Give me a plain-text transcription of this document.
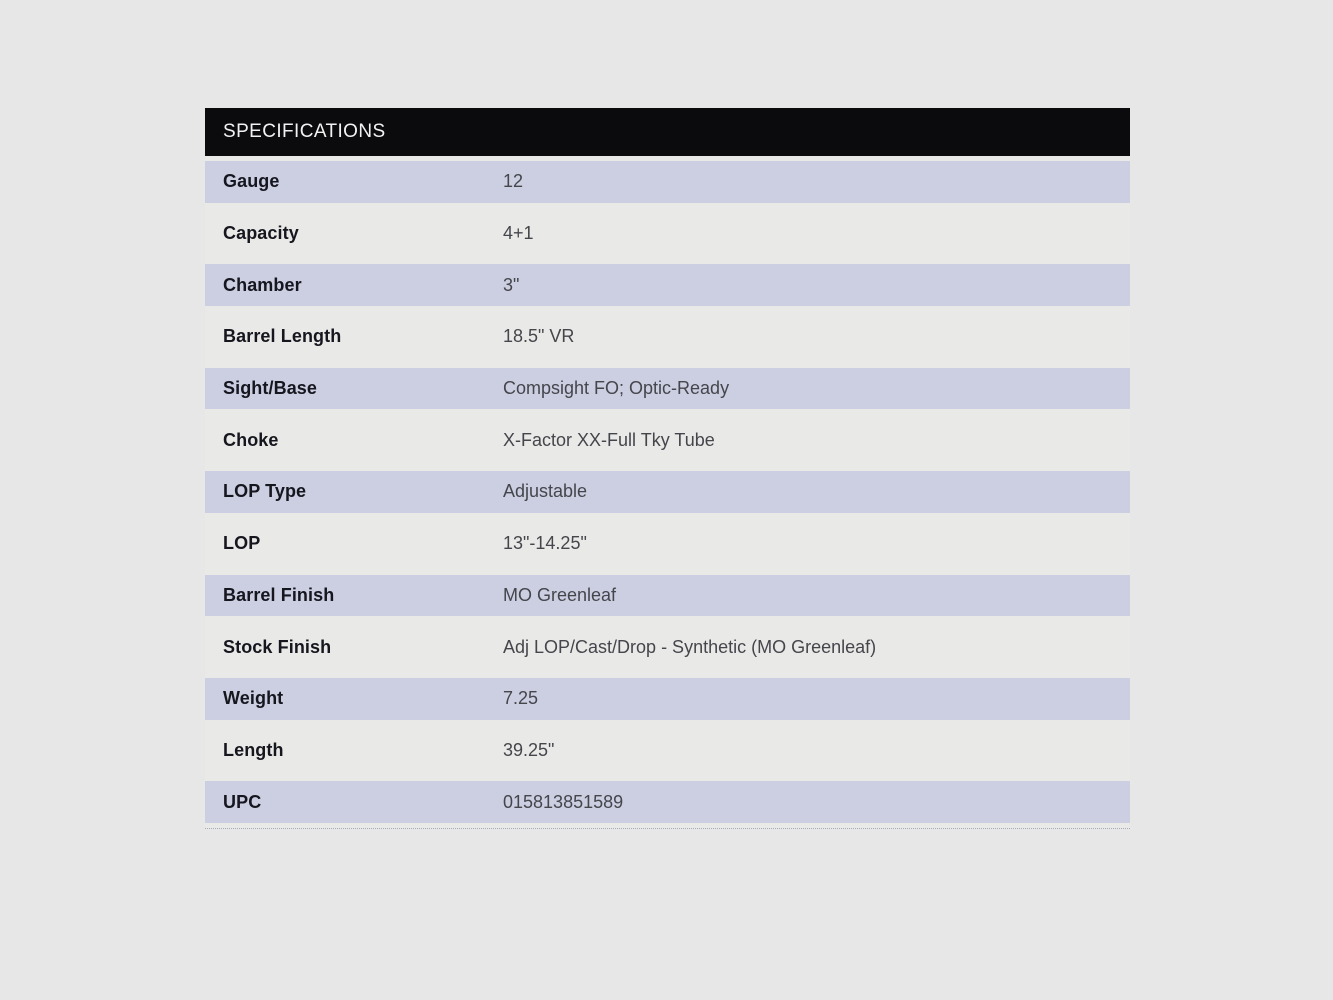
SPECIFICATIONS
Gauge	12
Capacity	4+1
Chamber	3"
Barrel Length	18.5" VR
Sight/Base	Compsight FO; Optic-Ready
Choke	X-Factor XX-Full Tky Tube
LOP Type	Adjustable
LOP	13"-14.25"
Barrel Finish	MO Greenleaf
Stock Finish	Adj LOP/Cast/Drop - Synthetic (MO Greenleaf)
Weight	7.25
Length	39.25"
UPC	015813851589
